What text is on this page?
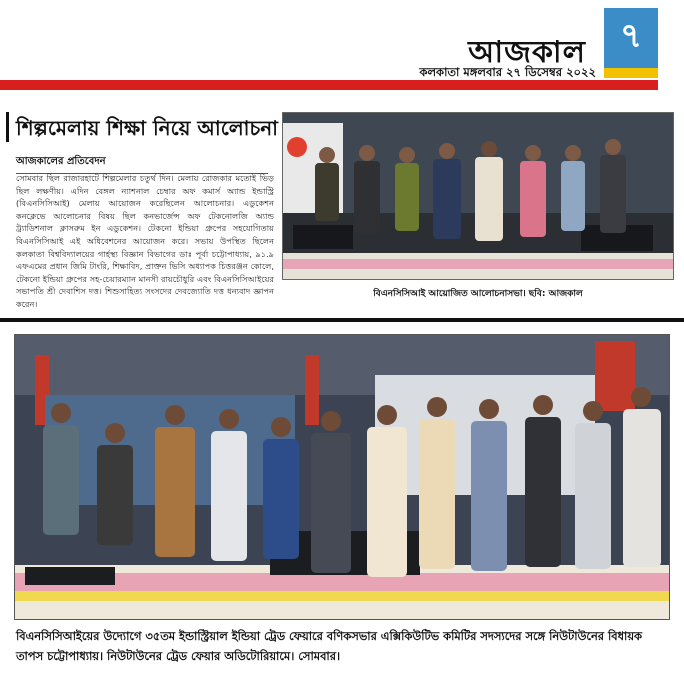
আজকাল ৭
কলকাতা মঙ্গলবার ২৭ ডিসেম্বর ২০২২
শিল্পমেলায় শিক্ষা নিয়ে আলোচনা
আজকালের প্রতিবেদন
সোমবার ছিল রাজারহাটে শিল্পমেলার চতুর্থ দিন। মেলায় রোজকার মতোই ভিড় ছিল লক্ষণীয়। এদিন বেঙ্গল ন্যাশনাল চেম্বার অফ কমার্স অ্যান্ড ইন্ডাস্ট্রি (বিএনসিসিআই) মেলায় আয়োজন করেছিলেন আলোচনার। এডুকেশন কনক্লেভে আলোচনার বিষয় ছিল কনভার্জেন্স অফ টেকনোলজি অ্যান্ড ট্র্যাডিশনাল ক্লাসরুম ইন এডুকেশন। টেকনো ইন্ডিয়া গ্রুপের সহযোগিতায় বিএনসিসিআই এই অধিবেশনের আয়োজন করে। সভায় উপস্থিত ছিলেন কলকাতা বিশ্ববিদ্যালয়ের গার্হস্থ্য বিজ্ঞান বিভাগের ডাঃ পূর্বা চট্টোপাধ্যায়, ৯১.৯ এফএমের প্রধান জিমি টাংরি, শিক্ষাবিদ, প্রাক্তন ভিসি অধ্যাপক চিত্তরঞ্জন কোলে, টেকনো ইন্ডিয়া গ্রুপের সহ-চেয়ারম্যান মানসী রায়চৌধুরি এবং বিএনসিসিআইয়ের সভাপতি শ্রী দেবাশিস দত্ত। শিশুসাহিত্য সংসদের দেবজ্যোতি দত্ত ধন্যবাদ জ্ঞাপন করেন।
বিএনসিসিআই আয়োজিত আলোচনাসভা। ছবি: আজকাল
বিএনসিসিআইয়ের উদ্যোগে ৩৫তম ইন্ডাস্ট্রিয়াল ইন্ডিয়া ট্রেড ফেয়ারে বণিকসভার এক্সিকিউটিভ কমিটির সদস্যদের সঙ্গে নিউটাউনের বিধায়ক তাপস চট্টোপাধ্যায়। নিউটাউনের ট্রেড ফেয়ার অডিটোরিয়ামে। সোমবার।
